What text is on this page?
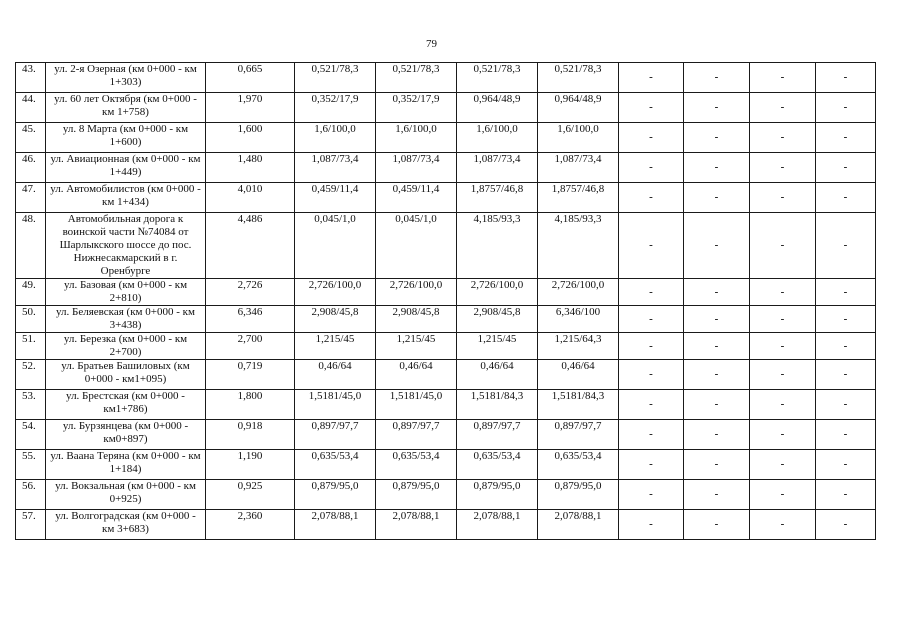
79
43.	ул. 2-я Озерная (км 0+000 - км 1+303)	0,665	0,521/78,3	0,521/78,3	0,521/78,3	0,521/78,3	-	-	-	-
44.	ул. 60 лет Октября (км 0+000 - км 1+758)	1,970	0,352/17,9	0,352/17,9	0,964/48,9	0,964/48,9	-	-	-	-
45.	ул. 8 Марта (км 0+000 - км 1+600)	1,600	1,6/100,0	1,6/100,0	1,6/100,0	1,6/100,0	-	-	-	-
46.	ул. Авиационная (км 0+000 - км 1+449)	1,480	1,087/73,4	1,087/73,4	1,087/73,4	1,087/73,4	-	-	-	-
47.	ул. Автомобилистов (км 0+000 - км 1+434)	4,010	0,459/11,4	0,459/11,4	1,8757/46,8	1,8757/46,8	-	-	-	-
48.	Автомобильная дорога к воинской части №74084 от Шарлыкского шоссе до пос. Нижнесакмарский в г. Оренбурге	4,486	0,045/1,0	0,045/1,0	4,185/93,3	4,185/93,3	-	-	-	-
49.	ул. Базовая (км 0+000 - км 2+810)	2,726	2,726/100,0	2,726/100,0	2,726/100,0	2,726/100,0	-	-	-	-
50.	ул. Беляевская (км 0+000 - км 3+438)	6,346	2,908/45,8	2,908/45,8	2,908/45,8	6,346/100	-	-	-	-
51.	ул. Березка (км 0+000 - км 2+700)	2,700	1,215/45	1,215/45	1,215/45	1,215/64,3	-	-	-	-
52.	ул. Братьев Башиловых (км 0+000 - км1+095)	0,719	0,46/64	0,46/64	0,46/64	0,46/64	-	-	-	-
53.	ул. Брестская (км 0+000 - км1+786)	1,800	1,5181/45,0	1,5181/45,0	1,5181/84,3	1,5181/84,3	-	-	-	-
54.	ул. Бурзянцева (км 0+000 - км0+897)	0,918	0,897/97,7	0,897/97,7	0,897/97,7	0,897/97,7	-	-	-	-
55.	ул. Ваана Теряна (км 0+000 - км 1+184)	1,190	0,635/53,4	0,635/53,4	0,635/53,4	0,635/53,4	-	-	-	-
56.	ул. Вокзальная (км 0+000 - км 0+925)	0,925	0,879/95,0	0,879/95,0	0,879/95,0	0,879/95,0	-	-	-	-
57.	ул. Волгоградская (км 0+000 - км 3+683)	2,360	2,078/88,1	2,078/88,1	2,078/88,1	2,078/88,1	-	-	-	-
